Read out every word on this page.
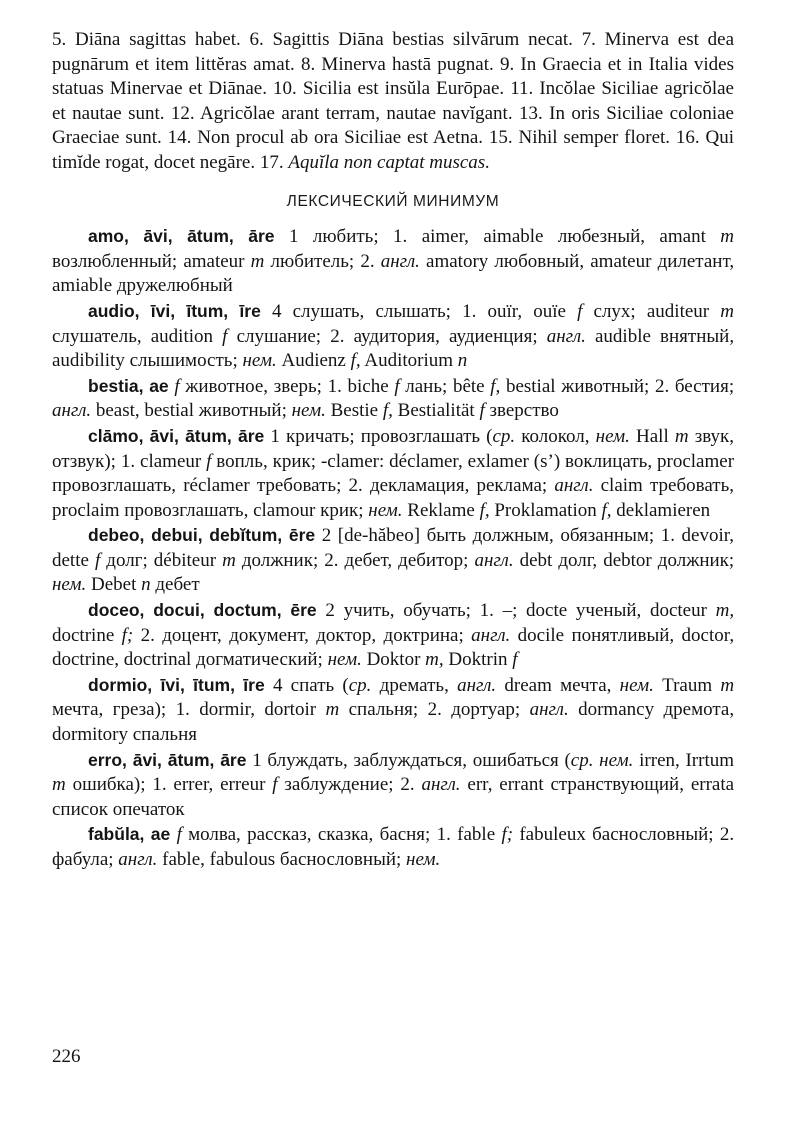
5. Diāna sagittas habet. 6. Sagittis Diāna bestias silvārum necat. 7. Minerva est dea pugnārum et item littĕras amat. 8. Minerva hastā pugnat. 9. In Graecia et in Italia vides statuas Minervae et Diānae. 10. Sicilia est insŭla Eurōpae. 11. Incŏlae Siciliae agricŏlae et nautae sunt. 12. Agricŏlae arant terram, nautae navĭgant. 13. In oris Siciliae coloniae Graeciae sunt. 14. Non procul ab ora Siciliae est Aetna. 15. Nihil semper floret. 16. Qui timĭde rogat, docet negāre. 17. Aquĭla non captat muscas.

ЛЕКСИЧЕСКИЙ МИНИМУМ

amo, āvi, ātum, āre 1 любить; 1. aimer, aimable любезный, amant m возлюбленный; amateur m любитель; 2. англ. amatory любовный, amateur дилетант, amiable дружелюбный

audio, īvi, ītum, īre 4 слушать, слышать; 1. ouïr, ouïe f слух; auditeur m слушатель, audition f слушание; 2. аудитория, аудиенция; англ. audible внятный, audibility слышимость; нем. Audienz f, Auditorium n

bestia, ae f животное, зверь; 1. biche f лань; bête f, bestial животный; 2. бестия; англ. beast, bestial животный; нем. Bestie f, Bestialität f зверство

clāmo, āvi, ātum, āre 1 кричать; провозглашать (ср. колокол, нем. Hall m звук, отзвук); 1. clameur f вопль, крик; -clamer: déclamer, exlamer (s’) воклицать, proclamer провозглашать, réclamer требовать; 2. декламация, реклама; англ. claim требовать, proclaim провозглашать, clamour крик; нем. Reklame f, Proklamation f, deklamieren

debeo, debui, debĭtum, ēre 2 [de-hăbeo] быть должным, обязанным; 1. devoir, dette f долг; débiteur m должник; 2. дебет, дебитор; англ. debt долг, debtor должник; нем. Debet n дебет

doceo, docui, doctum, ēre 2 учить, обучать; 1. –; docte ученый, docteur m, doctrine f; 2. доцент, документ, доктор, доктрина; англ. docile понятливый, doctor, doctrine, doctrinal догматический; нем. Doktor m, Doktrin f

dormio, īvi, ītum, īre 4 спать (ср. дремать, англ. dream мечта, нем. Traum m мечта, греза); 1. dormir, dortoir m спальня; 2. дортуар; англ. dormancy дремота, dormitory спальня

erro, āvi, ātum, āre 1 блуждать, заблуждаться, ошибаться (ср. нем. irren, Irrtum m ошибка); 1. errer, erreur f заблуждение; 2. англ. err, errant странствующий, errata список опечаток

fabŭla, ae f молва, рассказ, сказка, басня; 1. fable f; fabuleux баснословный; 2. фабула; англ. fable, fabulous баснословный; нем.

226
